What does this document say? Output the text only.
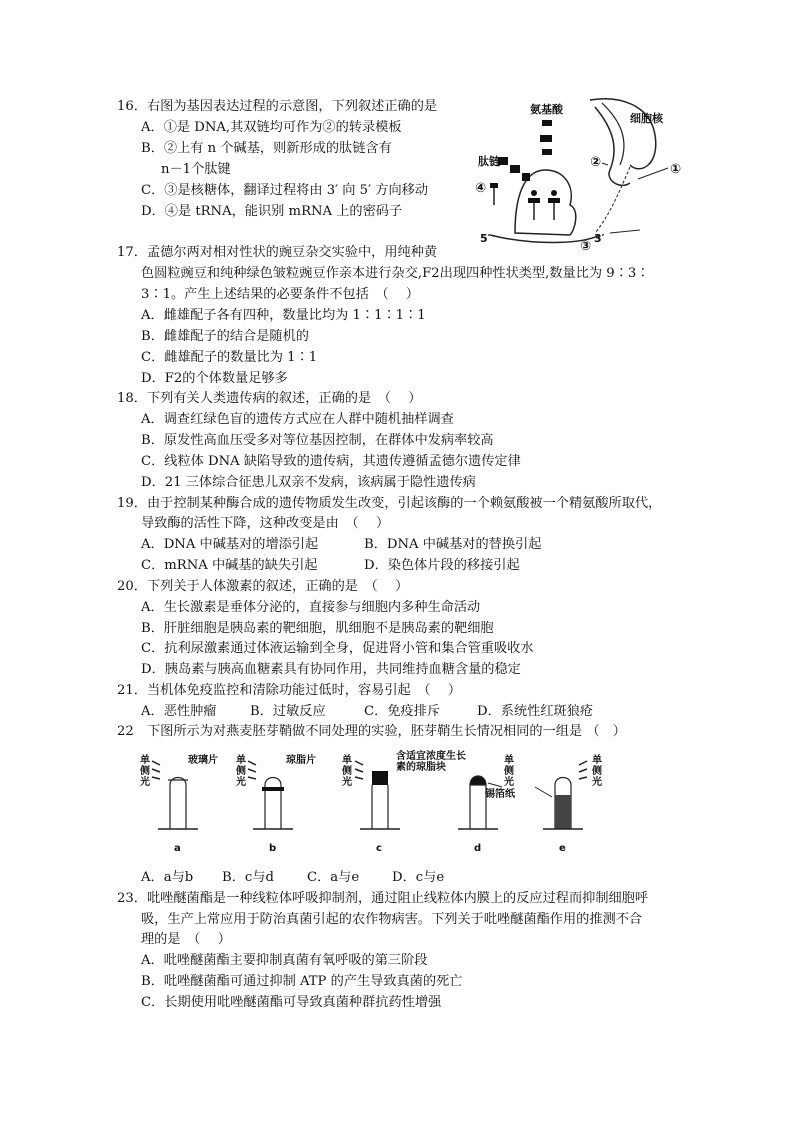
16．右图为基因表达过程的示意图，下列叙述正确的是
A．①是 DNA,其双链均可作为②的转录模板
B．②上有 n 个碱基，则新形成的肽链含有
n－1个肽键
C．③是核糖体，翻译过程将由 3′ 向 5′ 方向移动
D．④是 tRNA，能识别 mRNA 上的密码子
氨基酸
细胞核
肽链	②	①
④
5′
③
3′
17．孟德尔两对相对性状的豌豆杂交实验中，用纯种黄
色圆粒豌豆和纯种绿色皱粒豌豆作亲本进行杂交,F2出现四种性状类型,数量比为 9∶3∶
3∶1。产生上述结果的必要条件不包括　（　 ）
A．雌雄配子各有四种，数量比均为 1∶1∶1∶1
B．雌雄配子的结合是随机的
C．雌雄配子的数量比为 1∶1
D．F2的个体数量足够多
18．下列有关人类遗传病的叙述，正确的是　（　 ）
A．调查红绿色盲的遗传方式应在人群中随机抽样调查
B．原发性高血压受多对等位基因控制，在群体中发病率较高
C．线粒体 DNA 缺陷导致的遗传病，其遗传遵循孟德尔遗传定律
D．21 三体综合征患儿双亲不发病，该病属于隐性遗传病
19．由于控制某种酶合成的遗传物质发生改变，引起该酶的一个赖氨酸被一个精氨酸所取代，
导致酶的活性下降，这种改变是由　（　 ）
A．DNA 中碱基对的增添引起	B．DNA 中碱基对的替换引起
C．mRNA 中碱基的缺失引起	D．染色体片段的移接引起
20．下列关于人体激素的叙述，正确的是　（　 ）
A．生长激素是垂体分泌的，直接参与细胞内多种生命活动
B．肝脏细胞是胰岛素的靶细胞，肌细胞不是胰岛素的靶细胞
C．抗利尿激素通过体液运输到全身，促进肾小管和集合管重吸收水
D．胰岛素与胰高血糖素具有协同作用，共同维持血糖含量的稳定
21．当机体免疫监控和清除功能过低时，容易引起　（　 ）
A．恶性肿瘤	B．过敏反应	C．免疫排斥	D．系统性红斑狼疮
22　下图所示为对燕麦胚芽鞘做不同处理的实验，胚芽鞘生长情况相同的一组是 （　）
单侧光
玻璃片 单侧光
琼脂片	单侧光
含适宜浓度生长素的琼脂块
单侧光
锡箔纸
单侧光
a	b	c	d	e
A．a与b B．c与d	C．a与e D．c与e
23．吡唑醚菌酯是一种线粒体呼吸抑制剂，通过阻止线粒体内膜上的反应过程而抑制细胞呼
吸，生产上常应用于防治真菌引起的农作物病害。下列关于吡唑醚菌酯作用的推测不合
理的是　（　 ）
A．吡唑醚菌酯主要抑制真菌有氧呼吸的第三阶段
B．吡唑醚菌酯可通过抑制 ATP 的产生导致真菌的死亡
C．长期使用吡唑醚菌酯可导致真菌种群抗药性增强
